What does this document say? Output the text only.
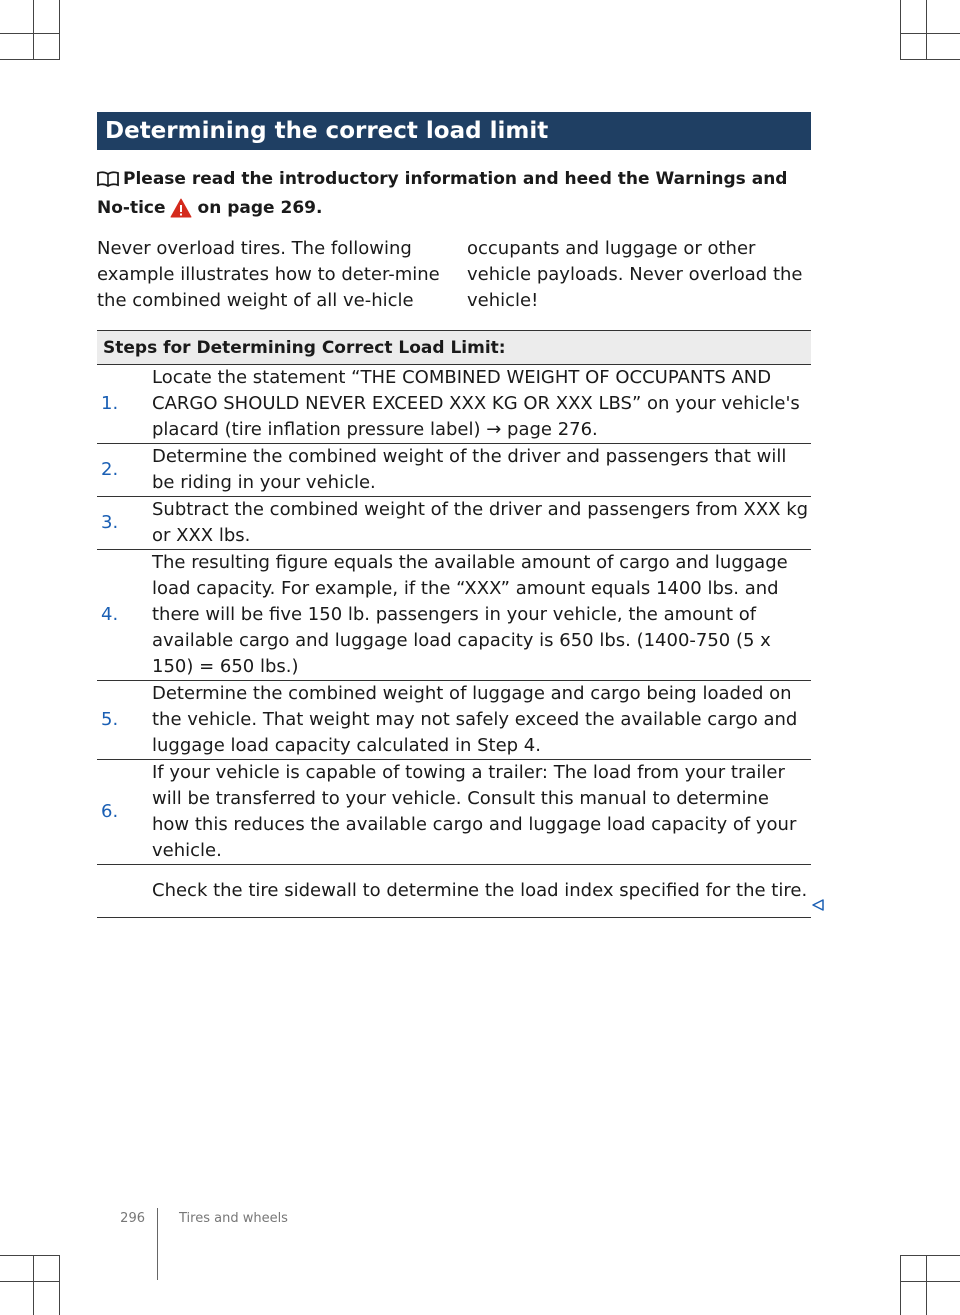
Determining the correct load limit
Please read the introductory information and heed the Warnings and No-tice on page 269.

Never overload tires. The following example illustrates how to deter-mine the combined weight of all ve-hicle occupants and luggage or other vehicle payloads. Never overload the vehicle!

Steps for Determining Correct Load Limit:
1.
Locate the statement “THE COMBINED WEIGHT OF OCCUPANTS AND CARGO SHOULD NEVER EXCEED XXX KG OR XXX LBS” on your vehicle's placard (tire inflation pressure label) → page 276.
2.
Determine the combined weight of the driver and passengers that will be riding in your vehicle.
3.
Subtract the combined weight of the driver and passengers from XXX kg or XXX lbs.
4.
The resulting figure equals the available amount of cargo and luggage load capacity. For example, if the “XXX” amount equals 1400 lbs. and there will be five 150 lb. passengers in your vehicle, the amount of available cargo and luggage load capacity is 650 lbs. (1400-750 (5 x 150) = 650 lbs.)
5.
Determine the combined weight of luggage and cargo being loaded on the vehicle. That weight may not safely exceed the available cargo and luggage load capacity calculated in Step 4.
6.
If your vehicle is capable of towing a trailer: The load from your trailer will be transferred to your vehicle. Consult this manual to determine how this reduces the available cargo and luggage load capacity of your vehicle.
Check the tire sidewall to determine the load index specified for the tire.
296	Tires and wheels
